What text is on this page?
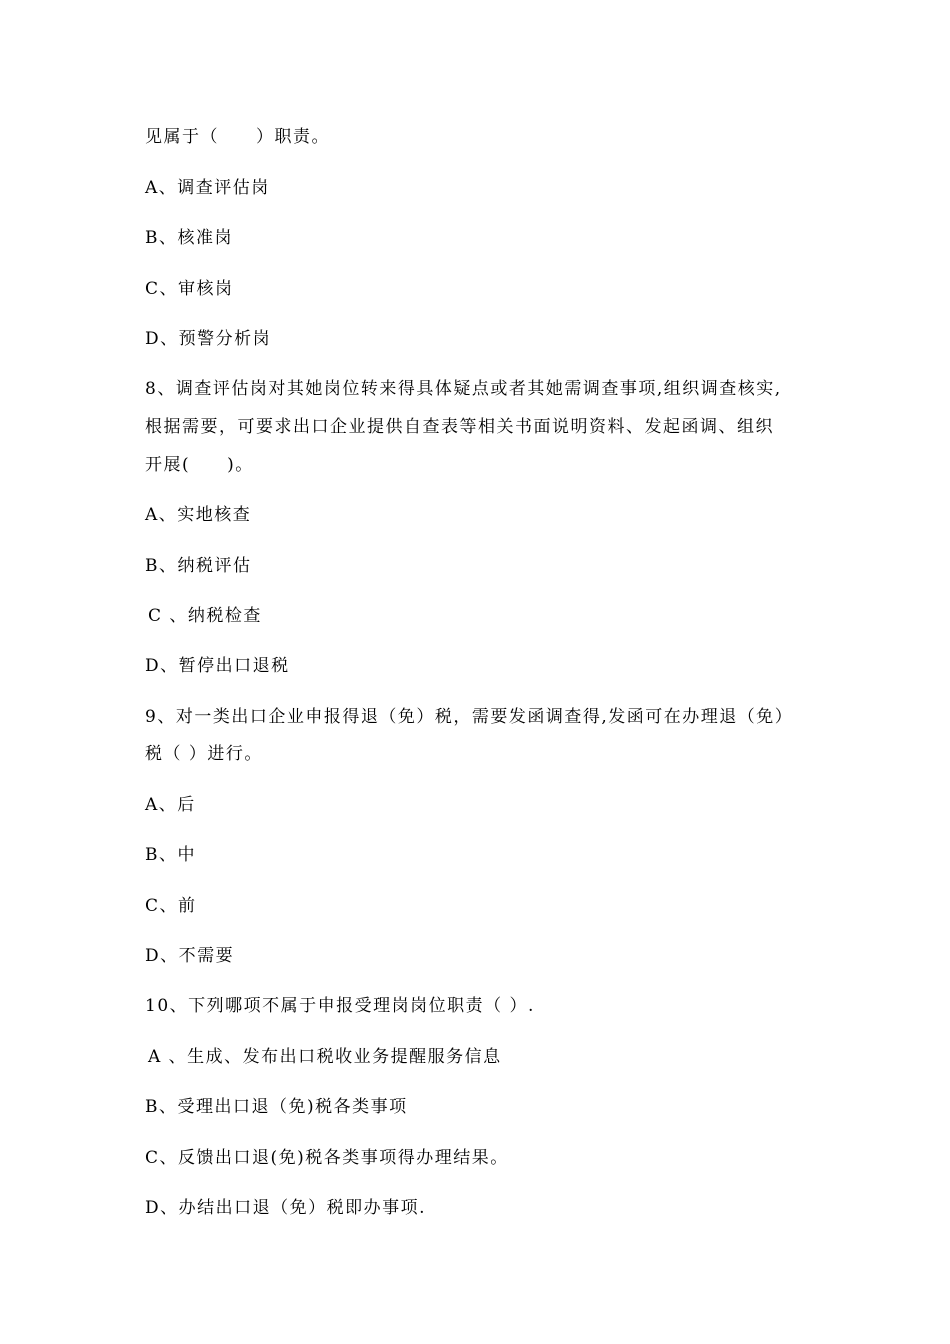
见属于（　　）职责。
A、调查评估岗
B、核准岗
C、审核岗
D、预警分析岗
8、调查评估岗对其她岗位转来得具体疑点或者其她需调查事项,组织调查核实,
根据需要，可要求出口企业提供自查表等相关书面说明资料、发起函调、组织
开展(　　)。
A、实地核查
B、纳税评估
C 、纳税检查
D、暂停出口退税
9、对一类出口企业申报得退（免）税，需要发函调查得,发函可在办理退（免）
税（ ）进行。
A、后
B、中
C、前
D、不需要
10、下列哪项不属于申报受理岗岗位职责（ ）.
A 、生成、发布出口税收业务提醒服务信息
B、受理出口退（免)税各类事项
C、反馈出口退(免)税各类事项得办理结果。
D、办结出口退（免）税即办事项.
